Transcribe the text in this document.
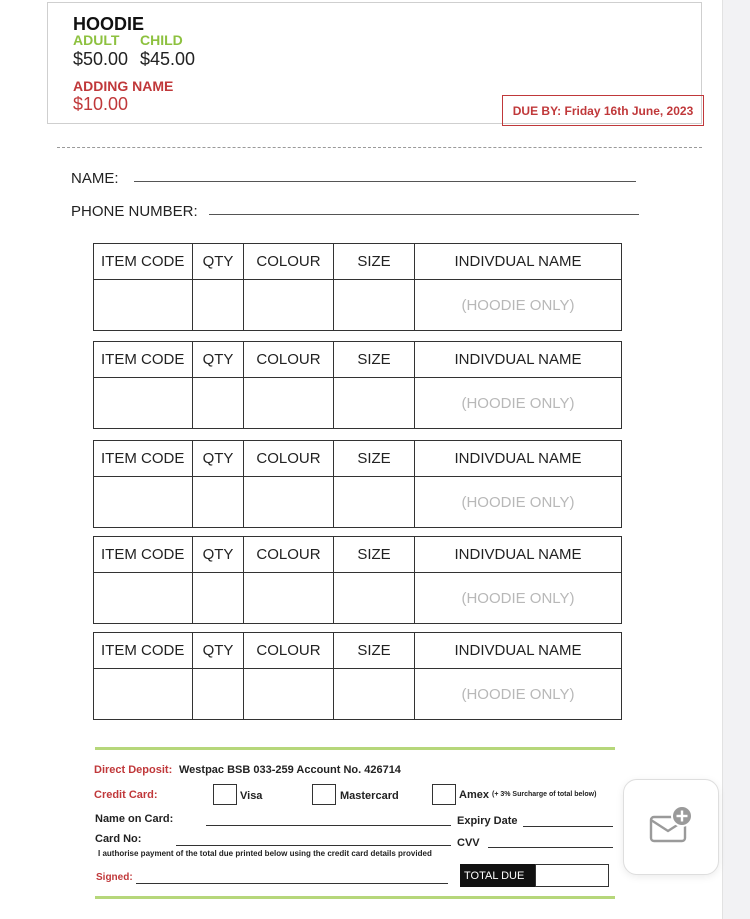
HOODIE
ADULT CHILD
$50.00 $45.00
ADDING NAME
$10.00	DUE BY: Friday 16th June, 2023
NAME:
PHONE NUMBER:
ITEM CODE	QTY	COLOUR	SIZE	INDIVDUAL NAME
				(HOODIE ONLY)
ITEM CODE	QTY	COLOUR	SIZE	INDIVDUAL NAME
				(HOODIE ONLY)
ITEM CODE	QTY	COLOUR	SIZE	INDIVDUAL NAME
				(HOODIE ONLY)
ITEM CODE	QTY	COLOUR	SIZE	INDIVDUAL NAME
				(HOODIE ONLY)
ITEM CODE	QTY	COLOUR	SIZE	INDIVDUAL NAME
				(HOODIE ONLY)
Direct Deposit: Westpac BSB 033-259 Account No. 426714
Credit Card:	Visa	Mastercard	Amex (+ 3% Surcharge of total below)
Name on Card:	Expiry Date
Card No:	CVV
I authorise payment of the total due printed below using the credit card details provided
Signed:	TOTAL DUE
